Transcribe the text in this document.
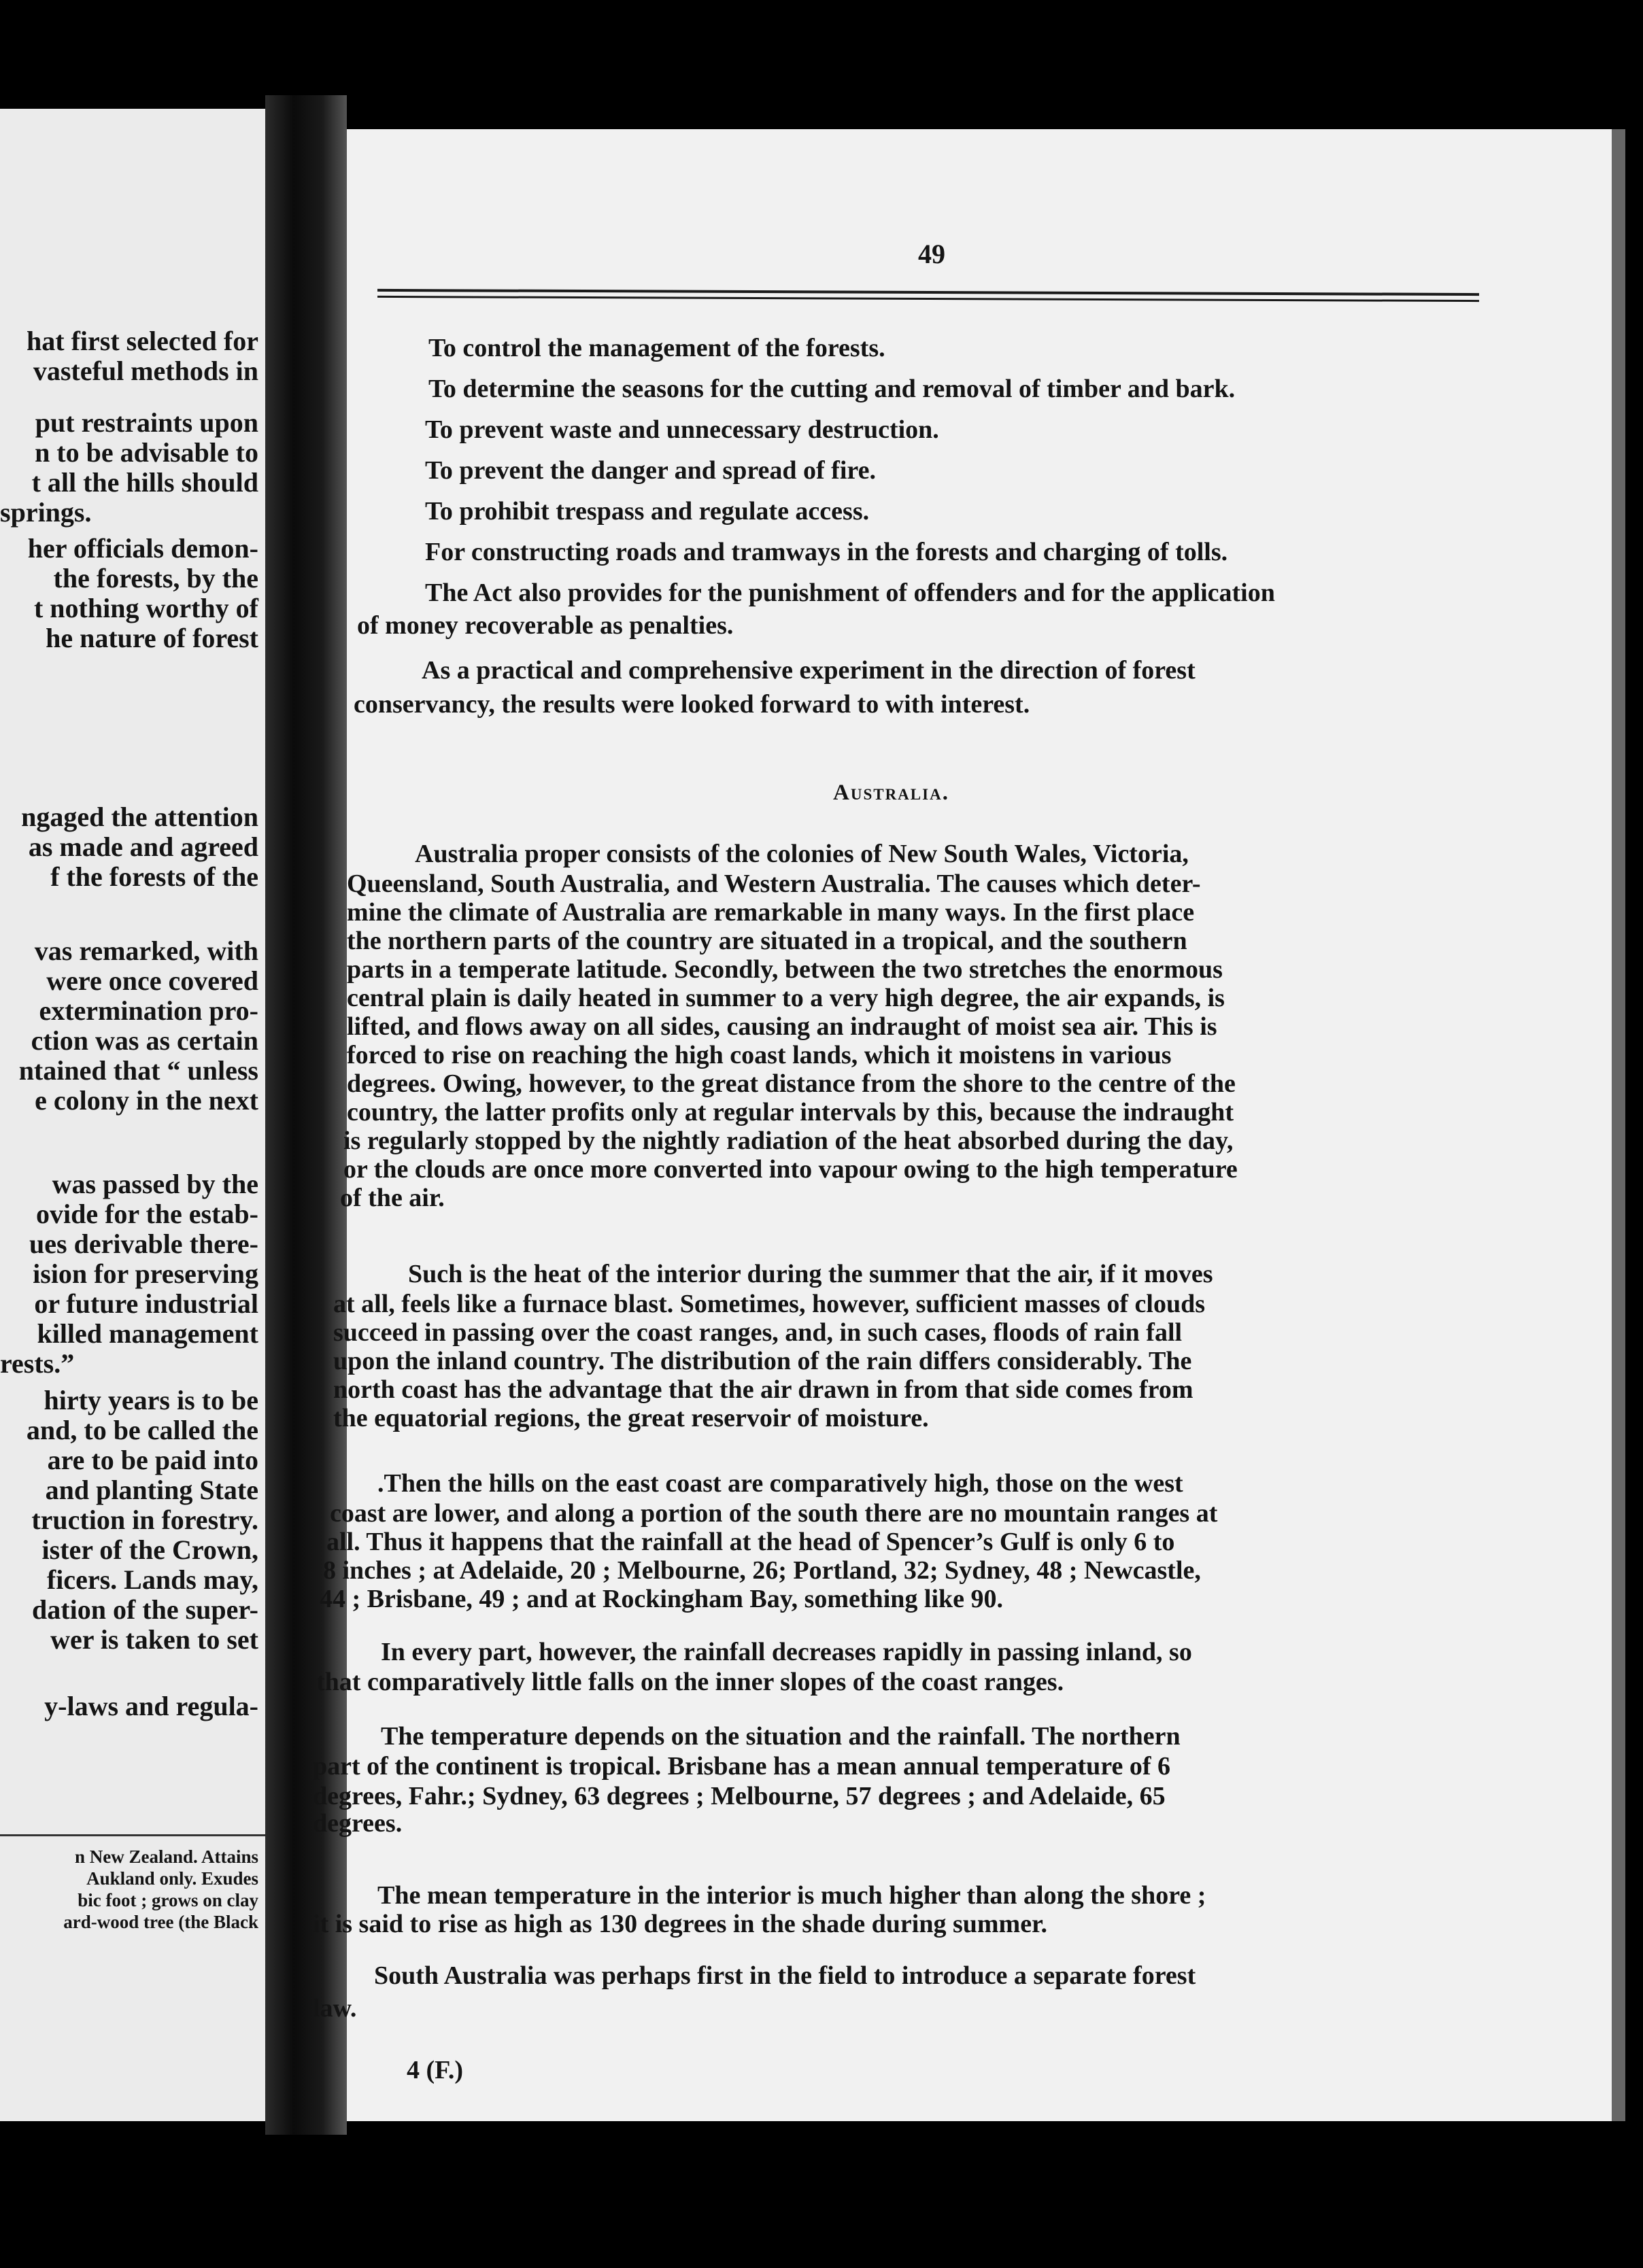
hat first selected for
vasteful methods in
put restraints upon
n to be advisable to
t all the hills should
springs.
her officials demon-
the forests, by the
t nothing worthy of
he nature of forest
ngaged the attention
as made and agreed
f the forests of the
vas remarked, with
were once covered
extermination pro-
ction was as certain
ntained that “ unless
e colony in the next
was passed by the
ovide for the estab-
ues derivable there-
ision for preserving
or future industrial
killed management
rests.”
hirty years is to be
and, to be called the
are to be paid into
and planting State
truction in forestry.
ister of the Crown,
ficers. Lands may,
dation of the super-
wer is taken to set
y-laws and regula-
n New Zealand. Attains
Aukland only. Exudes
bic foot ; grows on clay
ard-wood tree (the Black
49
To control the management of the forests.
To determine the seasons for the cutting and removal of timber and bark.
To prevent waste and unnecessary destruction.
To prevent the danger and spread of fire.
To prohibit trespass and regulate access.
For constructing roads and tramways in the forests and charging of tolls.
The Act also provides for the punishment of offenders and for the application
of money recoverable as penalties.
As a practical and comprehensive experiment in the direction of forest
conservancy, the results were looked forward to with interest.
Australia.
Australia proper consists of the colonies of New South Wales, Victoria,
Queensland, South Australia, and Western Australia. The causes which deter-
mine the climate of Australia are remarkable in many ways. In the first place
the northern parts of the country are situated in a tropical, and the southern
parts in a temperate latitude. Secondly, between the two stretches the enormous
central plain is daily heated in summer to a very high degree, the air expands, is
lifted, and flows away on all sides, causing an indraught of moist sea air. This is
forced to rise on reaching the high coast lands, which it moistens in various
degrees. Owing, however, to the great distance from the shore to the centre of the
country, the latter profits only at regular intervals by this, because the indraught
is regularly stopped by the nightly radiation of the heat absorbed during the day,
or the clouds are once more converted into vapour owing to the high temperature
of the air.
Such is the heat of the interior during the summer that the air, if it moves
at all, feels like a furnace blast. Sometimes, however, sufficient masses of clouds
succeed in passing over the coast ranges, and, in such cases, floods of rain fall
upon the inland country. The distribution of the rain differs considerably. The
north coast has the advantage that the air drawn in from that side comes from
the equatorial regions, the great reservoir of moisture.
.Then the hills on the east coast are comparatively high, those on the west
coast are lower, and along a portion of the south there are no mountain ranges at
all. Thus it happens that the rainfall at the head of Spencer’s Gulf is only 6 to
8 inches ; at Adelaide, 20 ; Melbourne, 26; Portland, 32; Sydney, 48 ; Newcastle,
44 ; Brisbane, 49 ; and at Rockingham Bay, something like 90.
In every part, however, the rainfall decreases rapidly in passing inland, so
that comparatively little falls on the inner slopes of the coast ranges.
The temperature depends on the situation and the rainfall. The northern
part of the continent is tropical. Brisbane has a mean annual temperature of 6
degrees, Fahr.; Sydney, 63 degrees ; Melbourne, 57 degrees ; and Adelaide, 65
degrees.
The mean temperature in the interior is much higher than along the shore ;
it is said to rise as high as 130 degrees in the shade during summer.
South Australia was perhaps first in the field to introduce a separate forest
law.
4 (F.)
